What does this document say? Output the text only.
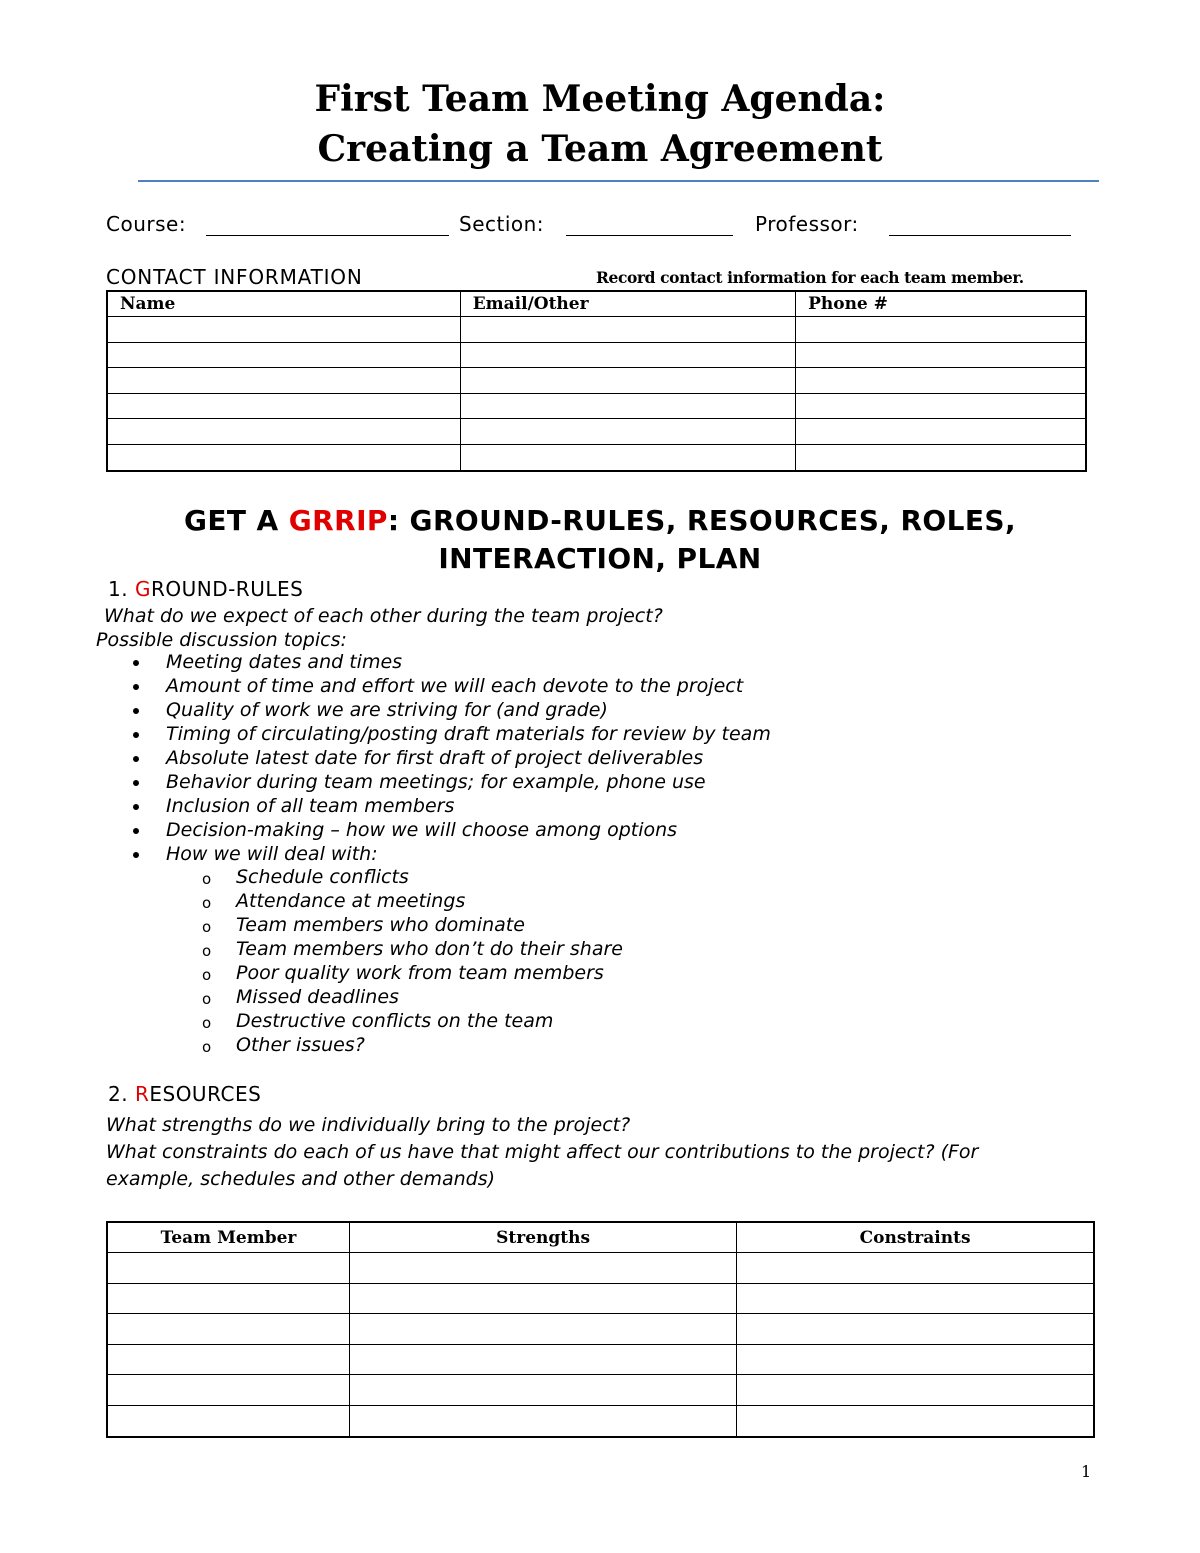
First Team Meeting Agenda:
Creating a Team Agreement
Course:	Section:	Professor:
CONTACT INFORMATION	Record contact information for each team member.
Name	Email/Other	Phone #

GET A GRRIP: GROUND-RULES, RESOURCES, ROLES,
INTERACTION, PLAN
1. GROUND-RULES
What do we expect of each other during the team project?
Possible discussion topics:
Meeting dates and times
Amount of time and effort we will each devote to the project
Quality of work we are striving for (and grade)
Timing of circulating/posting draft materials for review by team
Absolute latest date for first draft of project deliverables
Behavior during team meetings; for example, phone use
Inclusion of all team members
Decision-making – how we will choose among options
How we will deal with:
o Schedule conflicts
o Attendance at meetings
o Team members who dominate
o Team members who don’t do their share
o Poor quality work from team members
o Missed deadlines
o Destructive conflicts on the team
o Other issues?
2. RESOURCES
What strengths do we individually bring to the project?
What constraints do each of us have that might affect our contributions to the project? (For
example, schedules and other demands)
Team Member	Strengths	Constraints

1
